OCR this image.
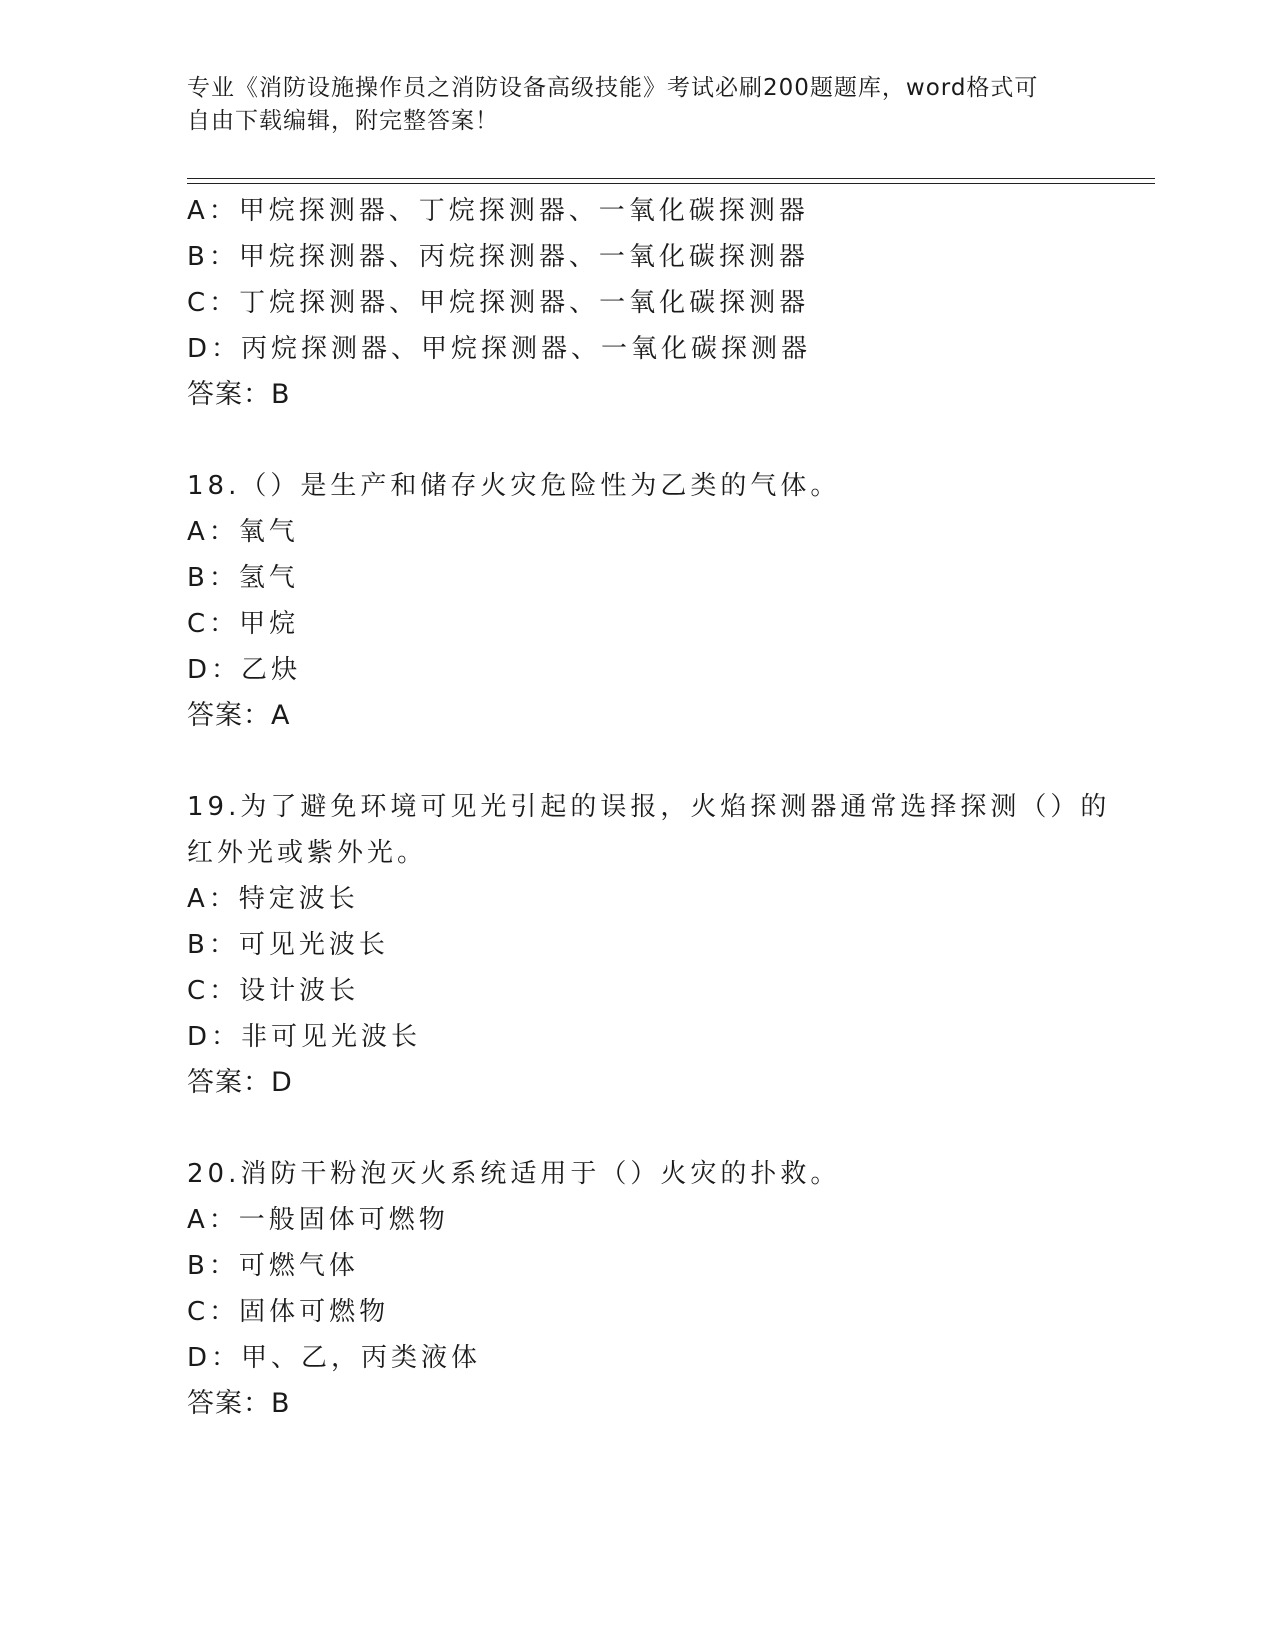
专业《消防设施操作员之消防设备高级技能》考试必刷200题题库，word格式可
自由下载编辑，附完整答案！
A：甲烷探测器、丁烷探测器、一氧化碳探测器
B：甲烷探测器、丙烷探测器、一氧化碳探测器
C：丁烷探测器、甲烷探测器、一氧化碳探测器
D：丙烷探测器、甲烷探测器、一氧化碳探测器
答案：B
18.（）是生产和储存火灾危险性为乙类的气体。
A：氧气
B：氢气
C：甲烷
D：乙炔
答案：A
19.为了避免环境可见光引起的误报，火焰探测器通常选择探测（）的
红外光或紫外光。
A：特定波长
B：可见光波长
C：设计波长
D：非可见光波长
答案：D
20.消防干粉泡灭火系统适用于（）火灾的扑救。
A：一般固体可燃物
B：可燃气体
C：固体可燃物
D：甲、乙，丙类液体
答案：B
